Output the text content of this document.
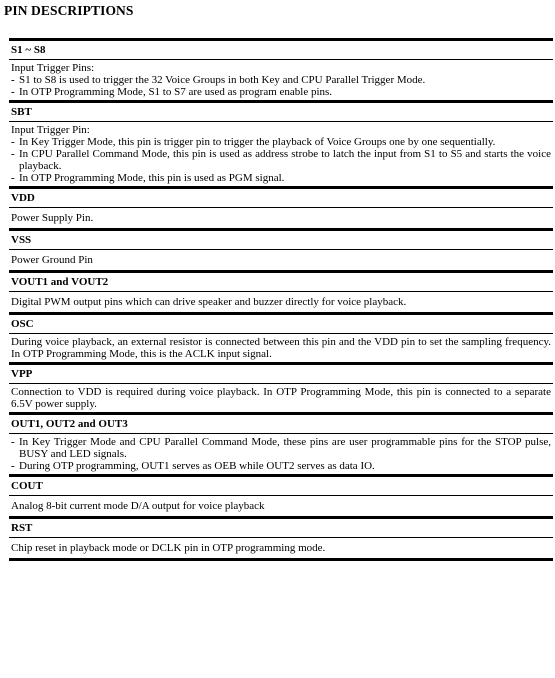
PIN DESCRIPTIONS
S1 ~ S8
Input Trigger Pins:
- S1 to S8 is used to trigger the 32 Voice Groups in both Key and CPU Parallel Trigger Mode.
- In OTP Programming Mode, S1 to S7 are used as program enable pins.
SBT
Input Trigger Pin:
- In Key Trigger Mode, this pin is trigger pin to trigger the playback of Voice Groups one by one sequentially.
- In CPU Parallel Command Mode, this pin is used as address strobe to latch the input from S1 to S5 and starts the voice playback.
- In OTP Programming Mode, this pin is used as PGM signal.
VDD
Power Supply Pin.
VSS
Power Ground Pin
VOUT1 and VOUT2
Digital PWM output pins which can drive speaker and buzzer directly for voice playback.
OSC
During voice playback, an external resistor is connected between this pin and the VDD pin to set the sampling frequency. In OTP Programming Mode, this is the ACLK input signal.
VPP
Connection to VDD is required during voice playback. In OTP Programming Mode, this pin is connected to a separate 6.5V power supply.
OUT1, OUT2 and OUT3
- In Key Trigger Mode and CPU Parallel Command Mode, these pins are user programmable pins for the STOP pulse, BUSY and LED signals.
- During OTP programming, OUT1 serves as OEB while OUT2 serves as data IO.
COUT
Analog 8-bit current mode D/A output for voice playback
RST
Chip reset in playback mode or DCLK pin in OTP programming mode.
